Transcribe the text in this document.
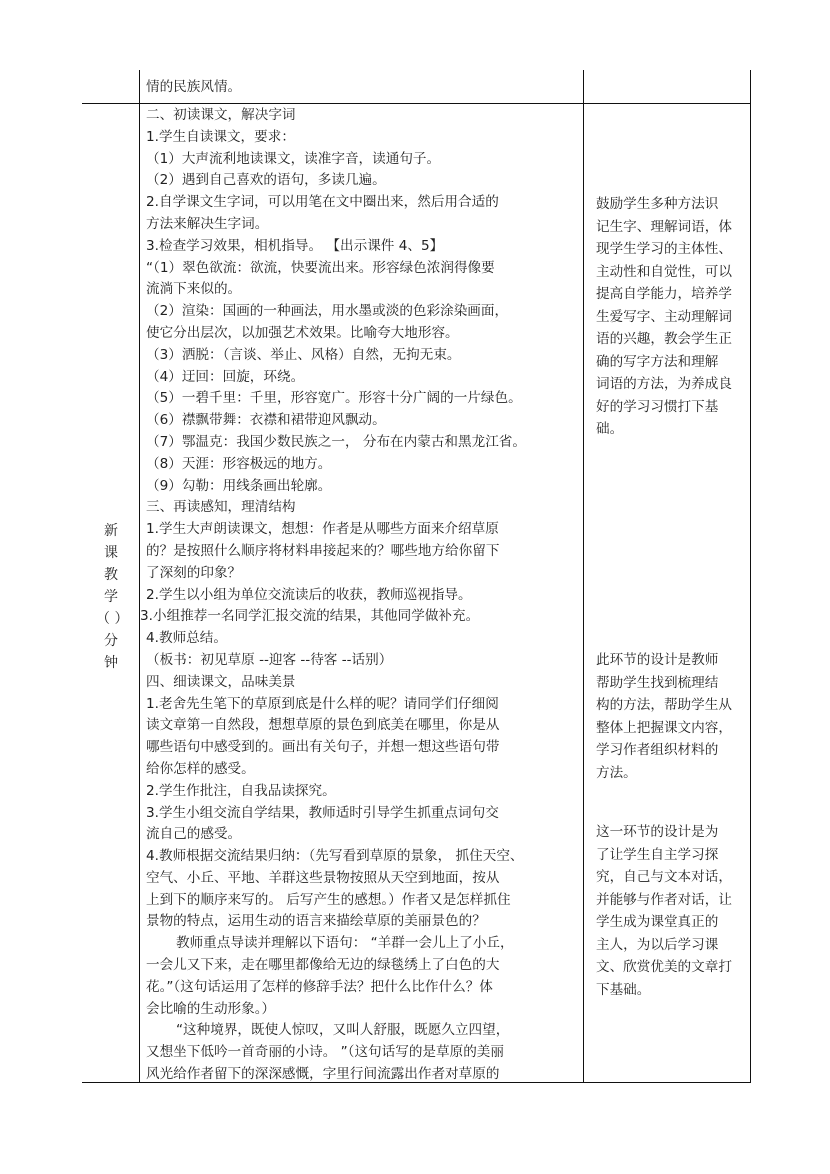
情的民族风情。
新
课
教
学
（ ）
分
钟
二、初读课文，解决字词
1.学生自读课文，要求：
（1）大声流利地读课文，读准字音，读通句子。
（2）遇到自己喜欢的语句，多读几遍。
2.自学课文生字词，可以用笔在文中圈出来，然后用合适的
方法来解决生字词。
3.检查学习效果，相机指导。 【出示课件 4、5】
“（1）翠色欲流：欲流，快要流出来。形容绿色浓润得像要
流淌下来似的。
（2）渲染：国画的一种画法，用水墨或淡的色彩涂染画面，
使它分出层次，以加强艺术效果。比喻夸大地形容。
（3）洒脱：（言谈、举止、风格）自然，无拘无束。
（4）迂回：回旋，环绕。
（5）一碧千里：千里，形容宽广。形容十分广阔的一片绿色。
（6）襟飘带舞：衣襟和裙带迎风飘动。
（7）鄂温克：我国少数民族之一， 分布在内蒙古和黑龙江省。
（8）天涯：形容极远的地方。
（9）勾勒：用线条画出轮廓。
三、再读感知，理清结构
1.学生大声朗读课文，想想：作者是从哪些方面来介绍草原
的？是按照什么顺序将材料串接起来的？哪些地方给你留下
了深刻的印象？
2.学生以小组为单位交流读后的收获，教师巡视指导。
3.小组推荐一名同学汇报交流的结果，其他同学做补充。
4.教师总结。
（板书：初见草原 --迎客 --待客 --话别）
四、细读课文，品味美景
1.老舍先生笔下的草原到底是什么样的呢？请同学们仔细阅
读文章第一自然段，想想草原的景色到底美在哪里，你是从
哪些语句中感受到的。画出有关句子，并想一想这些语句带
给你怎样的感受。
2.学生作批注，自我品读探究。
3.学生小组交流自学结果，教师适时引导学生抓重点词句交
流自己的感受。
4.教师根据交流结果归纳：（先写看到草原的景象， 抓住天空、
空气、小丘、平地、羊群这些景物按照从天空到地面，按从
上到下的顺序来写的。 后写产生的感想。）作者又是怎样抓住
景物的特点，运用生动的语言来描绘草原的美丽景色的？
教师重点导读并理解以下语句： “羊群一会儿上了小丘，
一会儿又下来，走在哪里都像给无边的绿毯绣上了白色的大
花。”（这句话运用了怎样的修辞手法？把什么比作什么？体
会比喻的生动形象。）
“这种境界，既使人惊叹，又叫人舒服，既愿久立四望，
又想坐下低吟一首奇丽的小诗。 ”（这句话写的是草原的美丽
风光给作者留下的深深感慨，字里行间流露出作者对草原的
鼓励学生多种方法识
记生字、理解词语，体
现学生学习的主体性、
主动性和自觉性，可以
提高自学能力，培养学
生爱写字、主动理解词
语的兴趣，教会学生正
确的写字方法和理解
词语的方法，为养成良
好的学习习惯打下基
础。
此环节的设计是教师
帮助学生找到梳理结
构的方法，帮助学生从
整体上把握课文内容，
学习作者组织材料的
方法。
这一环节的设计是为
了让学生自主学习探
究，自己与文本对话，
并能够与作者对话，让
学生成为课堂真正的
主人，为以后学习课
文、欣赏优美的文章打
下基础。
